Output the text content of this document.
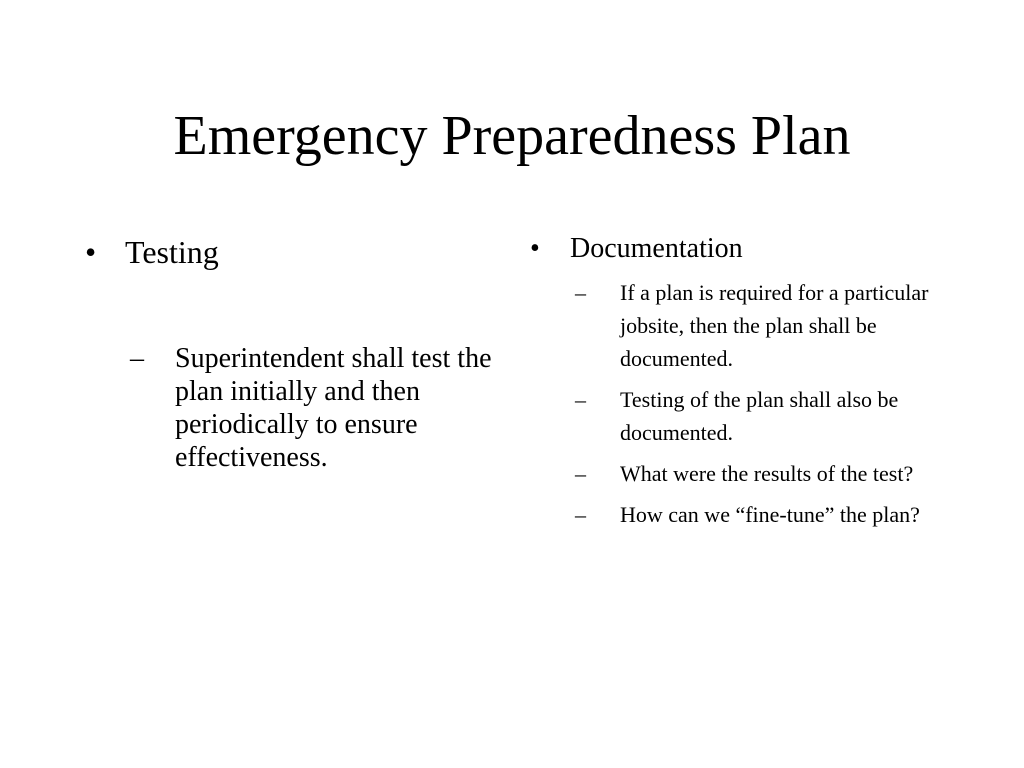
Emergency Preparedness Plan
• Testing
– Superintendent shall test the plan initially and then periodically to ensure effectiveness.
• Documentation
– If a plan is required for a particular jobsite, then the plan shall be documented.
– Testing of the plan shall also be documented.
– What were the results of the test?
– How can we “fine-tune” the plan?
